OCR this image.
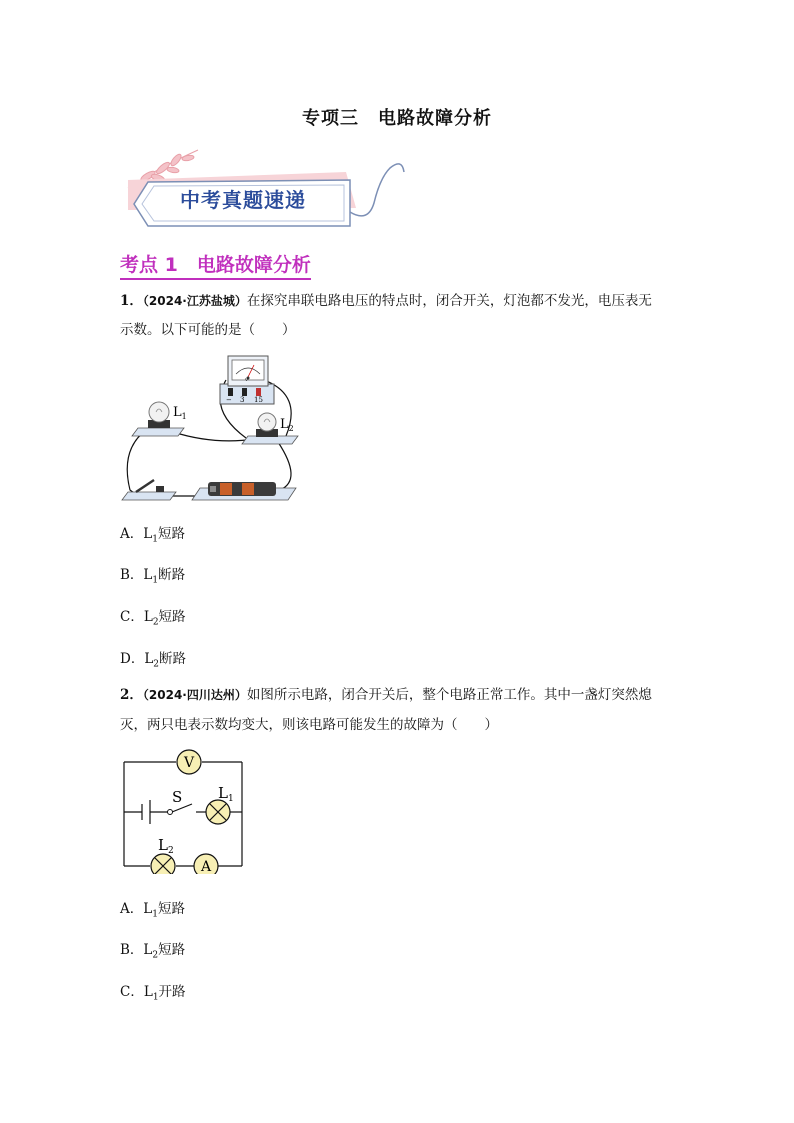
专项三　电路故障分析
中考真题速递
考点 1　电路故障分析
1．（2024·江苏盐城）在探究串联电路电压的特点时，闭合开关，灯泡都不发光，电压表无
示数。以下可能的是（　　）
V
− 3 15
$L_1$
$L_2$
A．$L_1$短路
B．$L_1$断路
C．$L_2$短路
D．$L_2$断路
2．（2024·四川达州）如图所示电路，闭合开关后，整个电路正常工作。其中一盏灯突然熄
灭，两只电表示数均变大，则该电路可能发生的故障为（　　）
S
V
$L_1$
$L_2$
A
A．$L_1$短路
B．$L_2$短路
C．$L_1$开路
